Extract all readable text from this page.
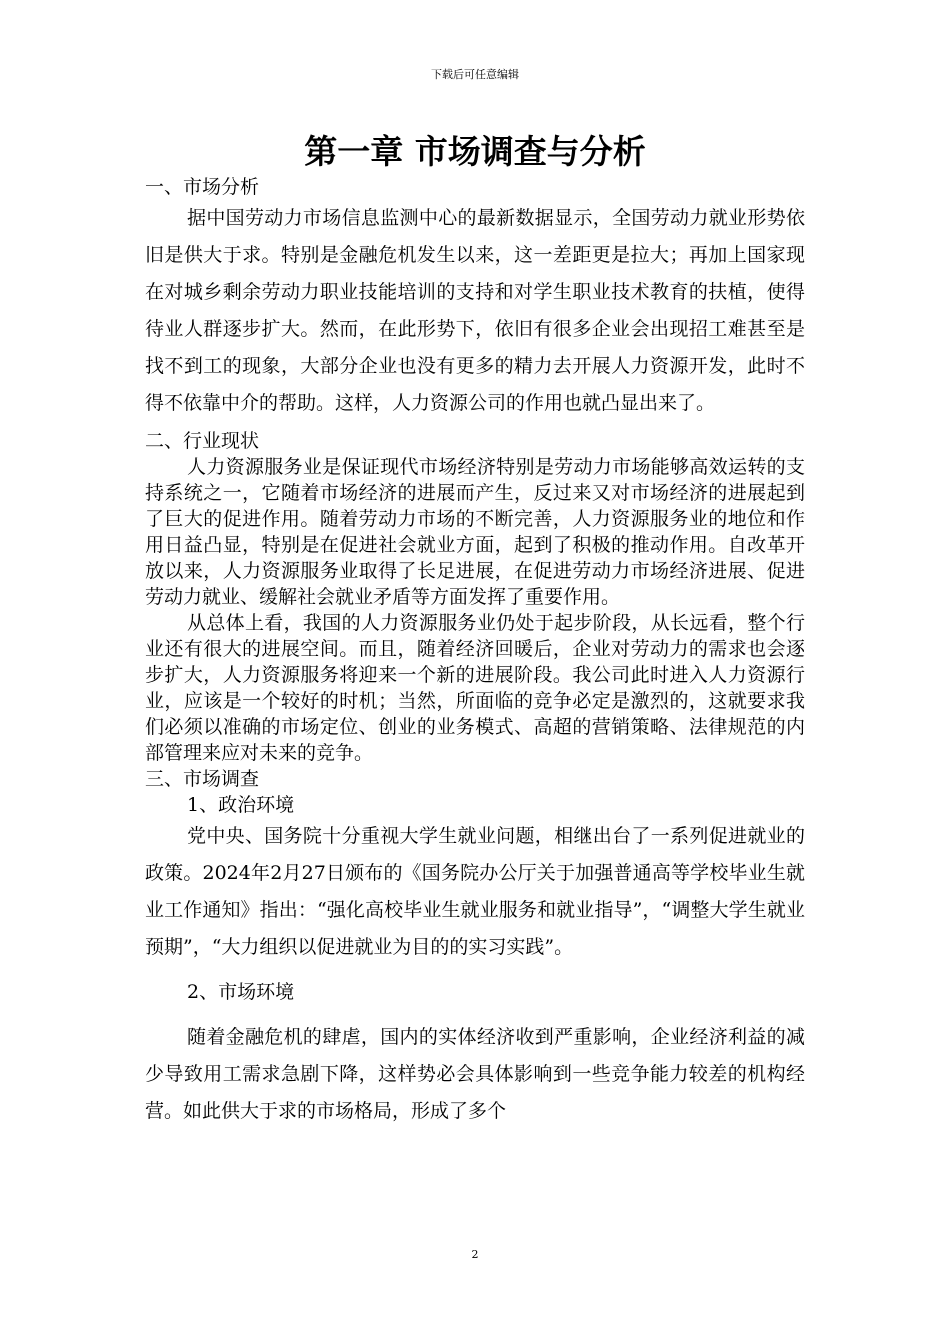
下载后可任意编辑
第一章 市场调查与分析

一、市场分析

据中国劳动力市场信息监测中心的最新数据显示，全国劳动力就业形势依旧是供大于求。特别是金融危机发生以来，这一差距更是拉大；再加上国家现在对城乡剩余劳动力职业技能培训的支持和对学生职业技术教育的扶植，使得待业人群逐步扩大。然而，在此形势下，依旧有很多企业会出现招工难甚至是找不到工的现象，大部分企业也没有更多的精力去开展人力资源开发，此时不得不依靠中介的帮助。这样，人力资源公司的作用也就凸显出来了。

二、行业现状

人力资源服务业是保证现代市场经济特别是劳动力市场能够高效运转的支持系统之一，它随着市场经济的进展而产生，反过来又对市场经济的进展起到了巨大的促进作用。随着劳动力市场的不断完善，人力资源服务业的地位和作用日益凸显，特别是在促进社会就业方面，起到了积极的推动作用。自改革开放以来，人力资源服务业取得了长足进展，在促进劳动力市场经济进展、促进劳动力就业、缓解社会就业矛盾等方面发挥了重要作用。

从总体上看，我国的人力资源服务业仍处于起步阶段，从长远看，整个行业还有很大的进展空间。而且，随着经济回暖后，企业对劳动力的需求也会逐步扩大，人力资源服务将迎来一个新的进展阶段。我公司此时进入人力资源行业，应该是一个较好的时机；当然，所面临的竞争必定是激烈的，这就要求我们必须以准确的市场定位、创业的业务模式、高超的营销策略、法律规范的内部管理来应对未来的竞争。

三、市场调查

1、政治环境

党中央、国务院十分重视大学生就业问题，相继出台了一系列促进就业的政策。2024年2月27日颁布的《国务院办公厅关于加强普通高等学校毕业生就业工作通知》指出：“强化高校毕业生就业服务和就业指导”，“调整大学生就业预期”，“大力组织以促进就业为目的的实习实践”。

2、市场环境

随着金融危机的肆虐，国内的实体经济收到严重影响，企业经济利益的减少导致用工需求急剧下降，这样势必会具体影响到一些竞争能力较差的机构经营。如此供大于求的市场格局，形成了多个

2
